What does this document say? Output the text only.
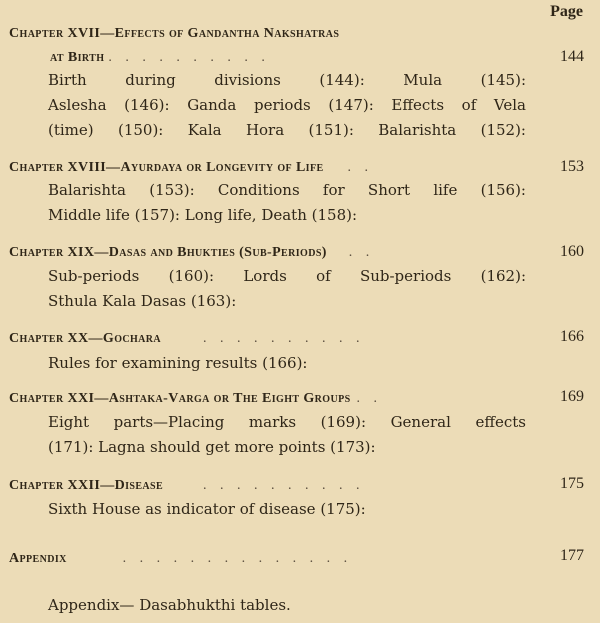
Page
Chapter XVII—Effects of Gandantha Nakshatras
at Birth . . . . . . . . . .	144
Birth during divisions (144): Mula (145):
Aslesha (146): Ganda periods (147): Effects of Vela
(time) (150): Kala Hora (151): Balarishta (152):
Chapter XVIII—Ayurdaya or Longevity of Life . .	153
Balarishta (153): Conditions for Short life (156):
Middle life (157): Long life, Death (158):
Chapter XIX—Dasas and Bhukties (Sub-Periods) . .	160
Sub-periods (160): Lords of Sub-periods (162):
Sthula Kala Dasas (163):
Chapter XX—Gochara	. . . . . . . . . .	166
Rules for examining results (166):
Chapter XXI—Ashtaka-Varga or The Eight Groups . .	169
Eight parts—Placing marks (169): General effects
(171): Lagna should get more points (173):
Chapter XXII—Disease	. . . . . . . . . .	175
Sixth House as indicator of disease (175):
Appendix	. . . . . . . . . . . . . .	177
Appendix— Dasabhukthi tables.
